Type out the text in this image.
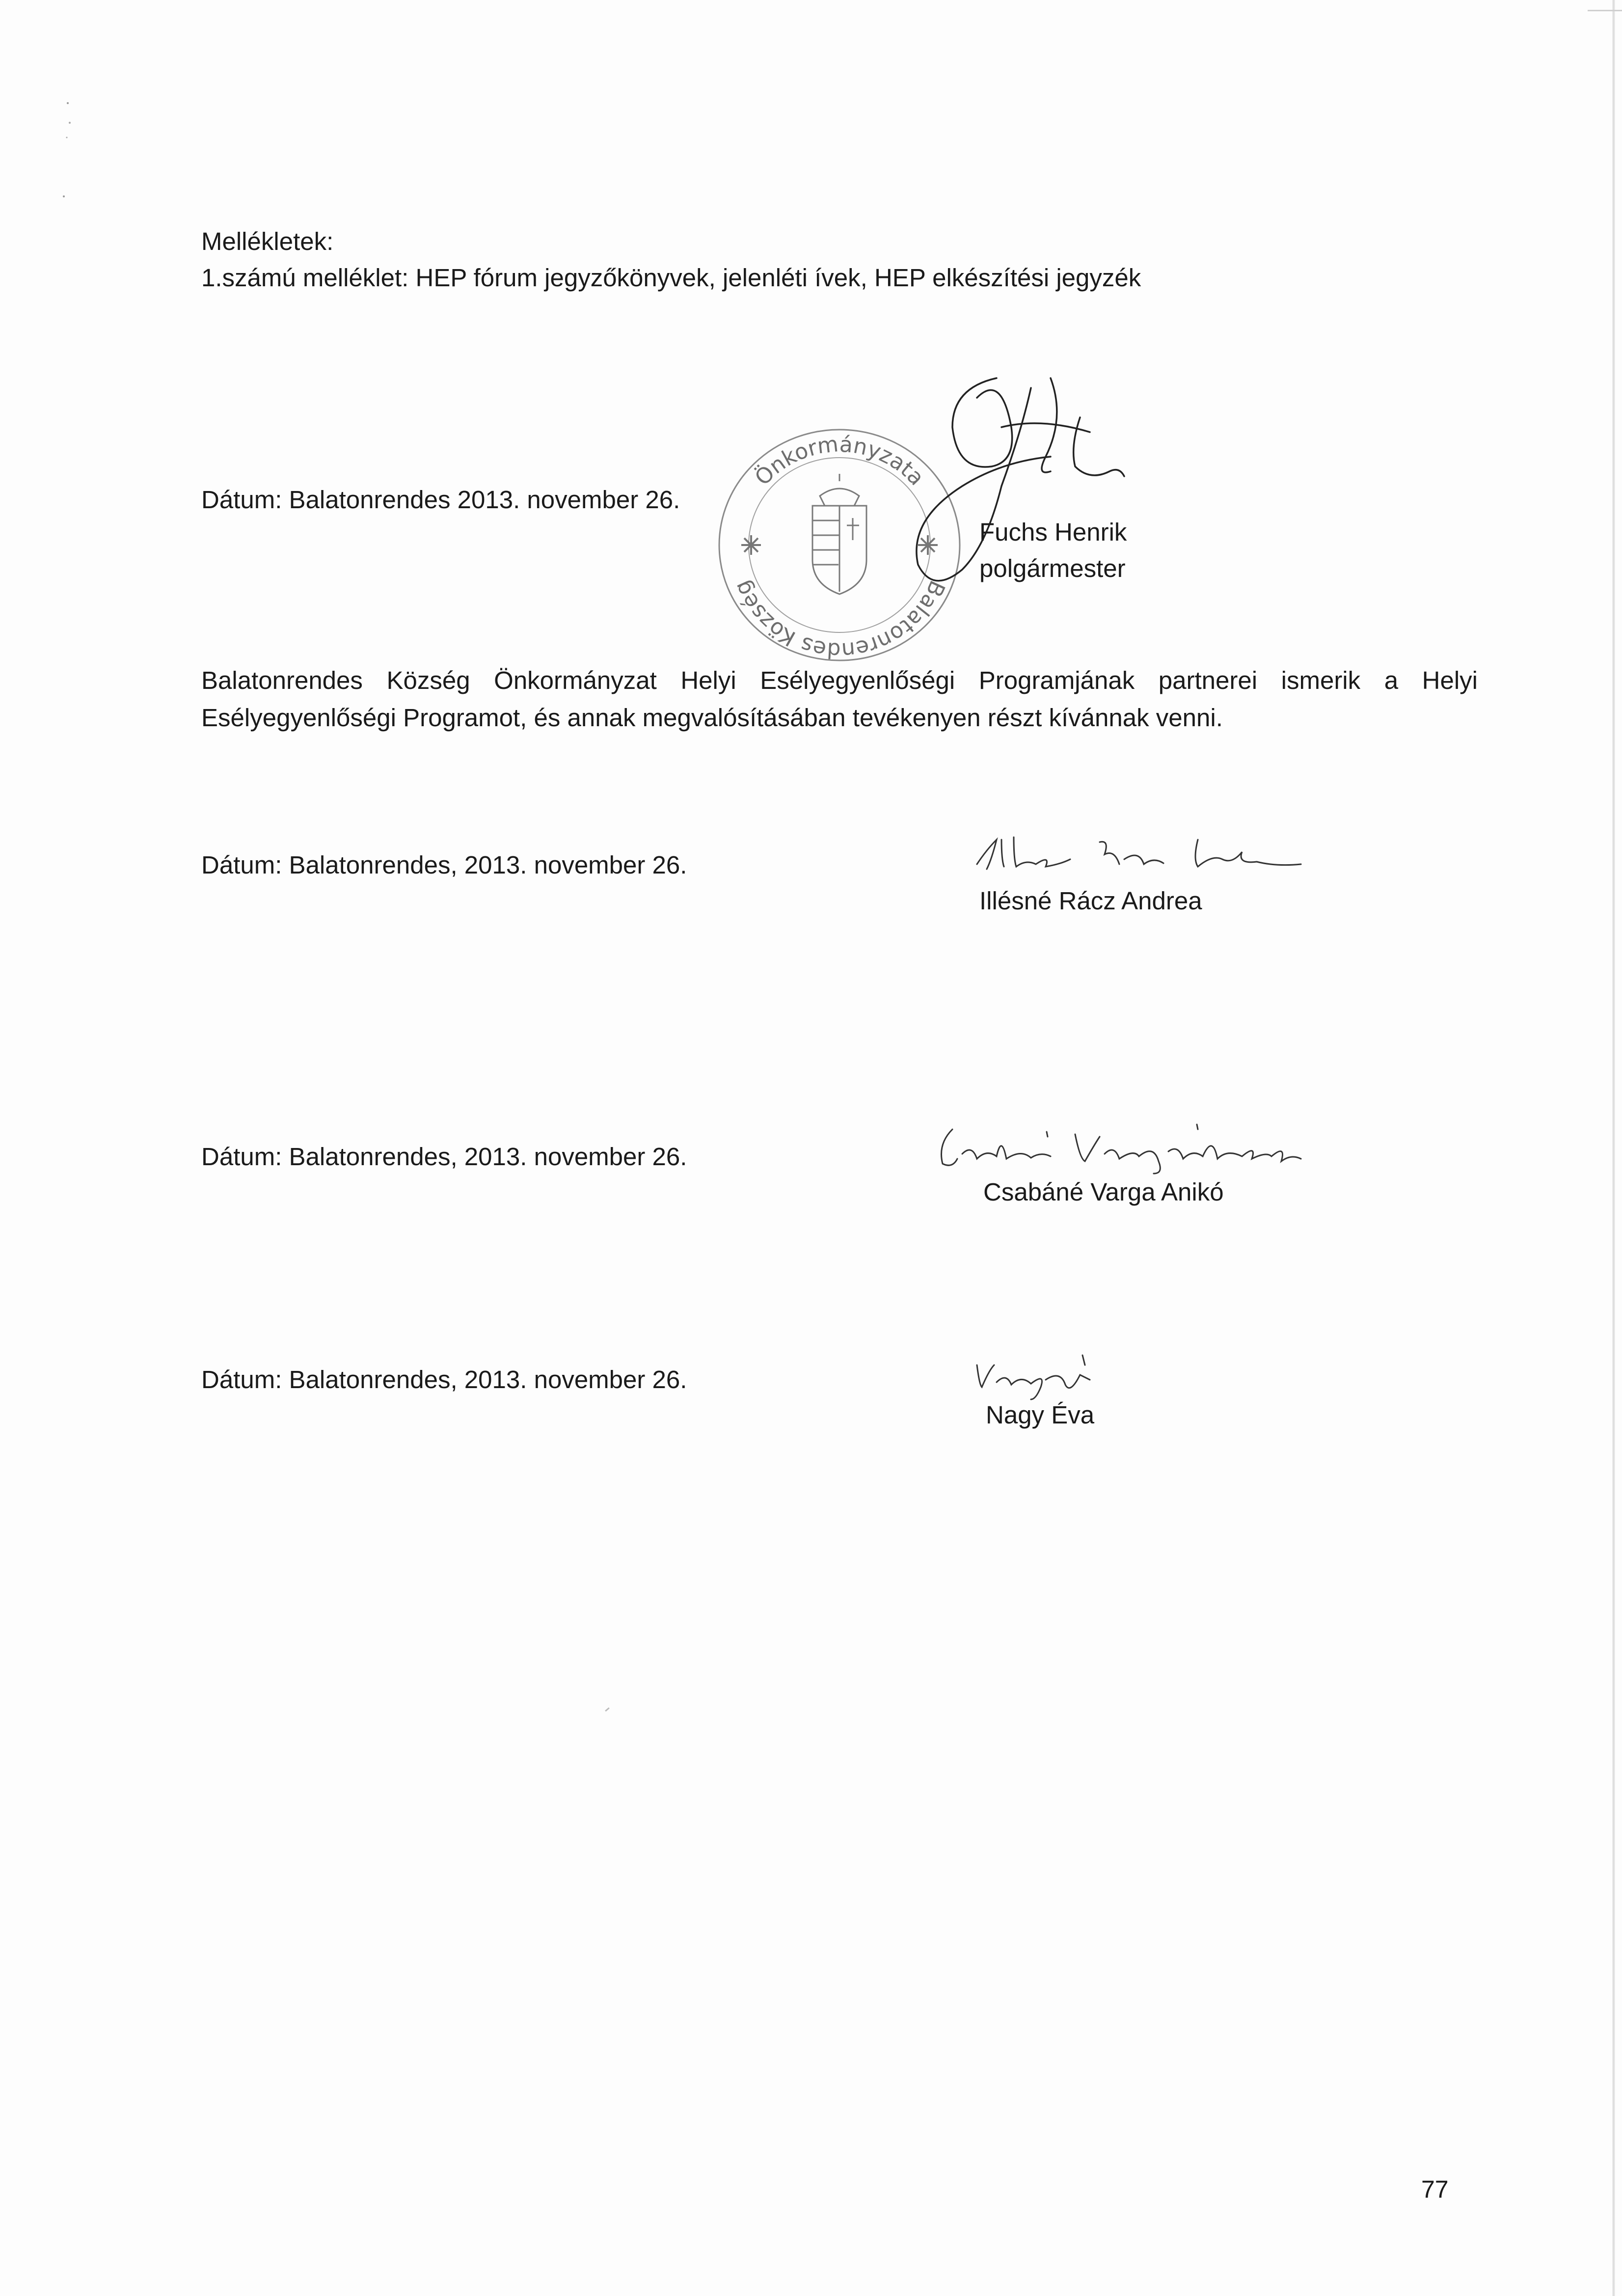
Mellékletek:
1.számú melléklet: HEP fórum jegyzőkönyvek, jelenléti ívek, HEP elkészítési jegyzék
Dátum: Balatonrendes 2013. november 26.
Önkormányzata
Balatonrendes Község
Fuchs Henrik
polgármester
Balatonrendes Község Önkormányzat Helyi Esélyegyenlőségi Programjának partnerei ismerik a Helyi Esélyegyenlőségi Programot, és annak megvalósításában tevékenyen részt kívánnak venni.
Dátum: Balatonrendes, 2013. november 26.
Illésné Rácz Andrea
Dátum: Balatonrendes, 2013. november 26.
Csabáné Varga Anikó
Dátum: Balatonrendes, 2013. november 26.
Nagy Éva
77
